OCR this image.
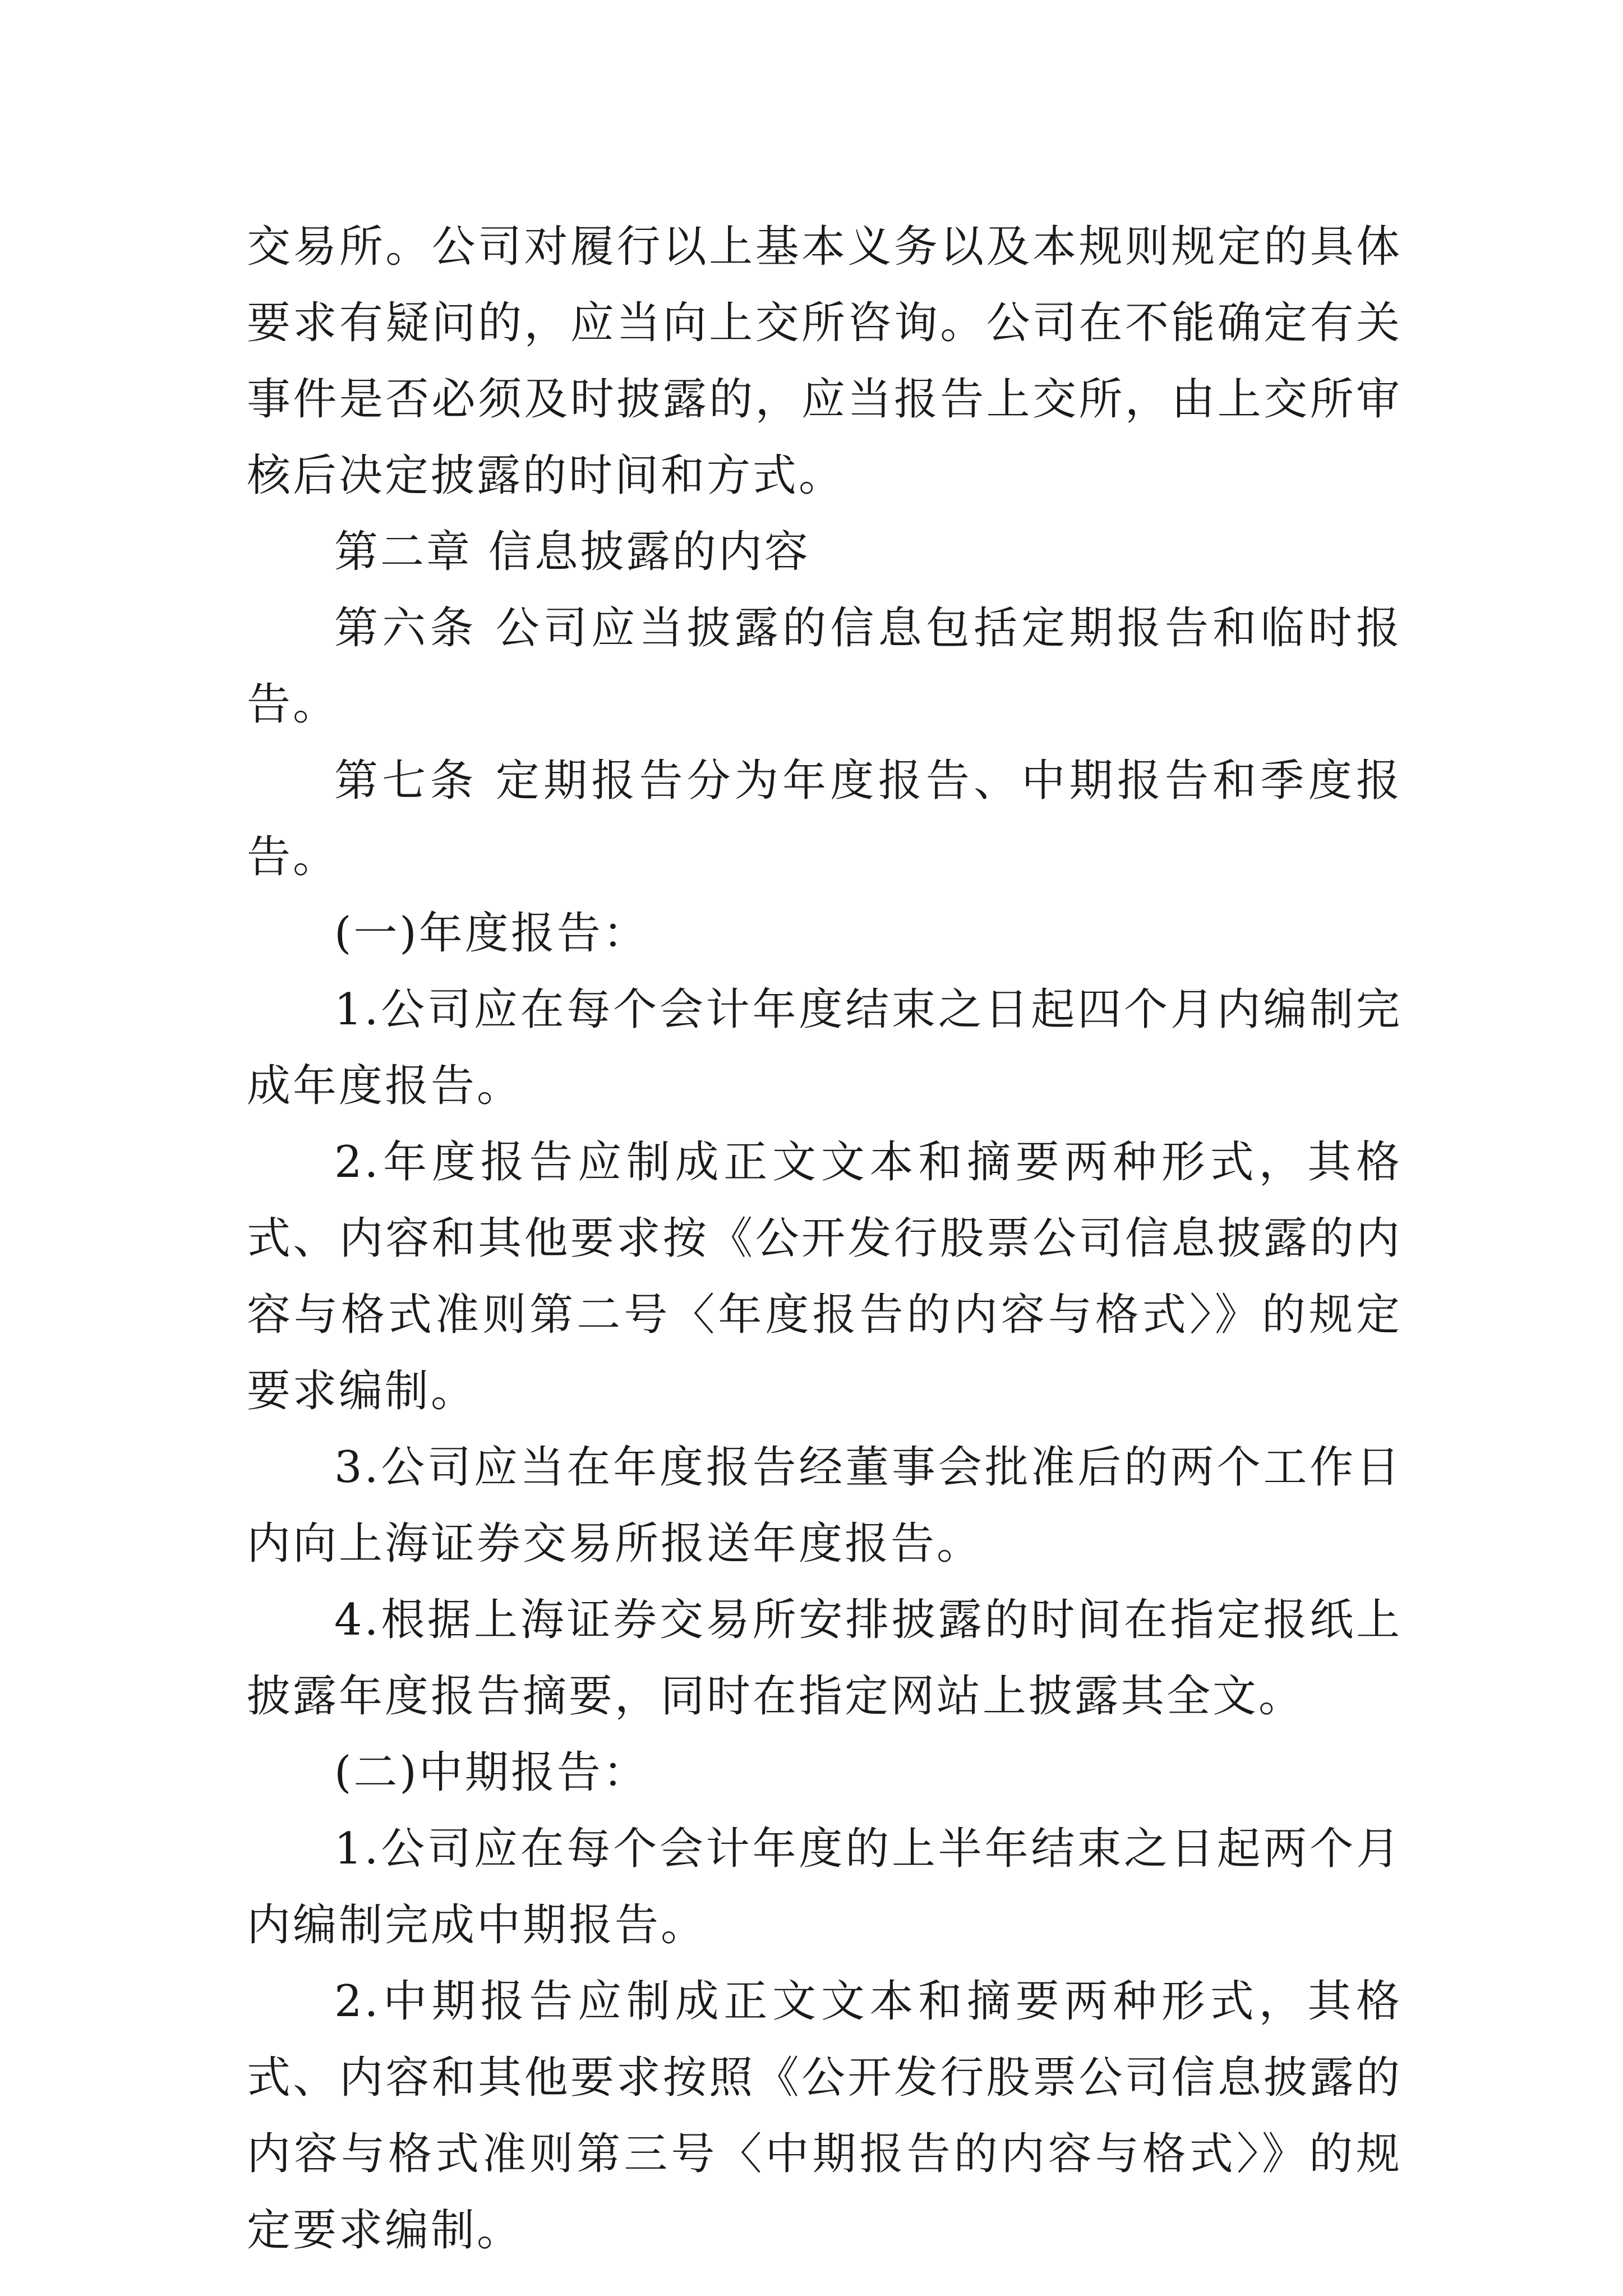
交易所。公司对履行以上基本义务以及本规则规定的具体要求有疑问的，应当向上交所咨询。公司在不能确定有关事件是否必须及时披露的，应当报告上交所，由上交所审核后决定披露的时间和方式。

第二章 信息披露的内容

第六条 公司应当披露的信息包括定期报告和临时报告。

第七条 定期报告分为年度报告、中期报告和季度报告。

(一)年度报告：

1.公司应在每个会计年度结束之日起四个月内编制完成年度报告。

2.年度报告应制成正文文本和摘要两种形式，其格式、内容和其他要求按《公开发行股票公司信息披露的内容与格式准则第二号〈年度报告的内容与格式〉》的规定要求编制。

3.公司应当在年度报告经董事会批准后的两个工作日内向上海证券交易所报送年度报告。

4.根据上海证券交易所安排披露的时间在指定报纸上披露年度报告摘要，同时在指定网站上披露其全文。

(二)中期报告：

1.公司应在每个会计年度的上半年结束之日起两个月内编制完成中期报告。

2.中期报告应制成正文文本和摘要两种形式，其格式、内容和其他要求按照《公开发行股票公司信息披露的内容与格式准则第三号〈中期报告的内容与格式〉》的规定要求编制。
